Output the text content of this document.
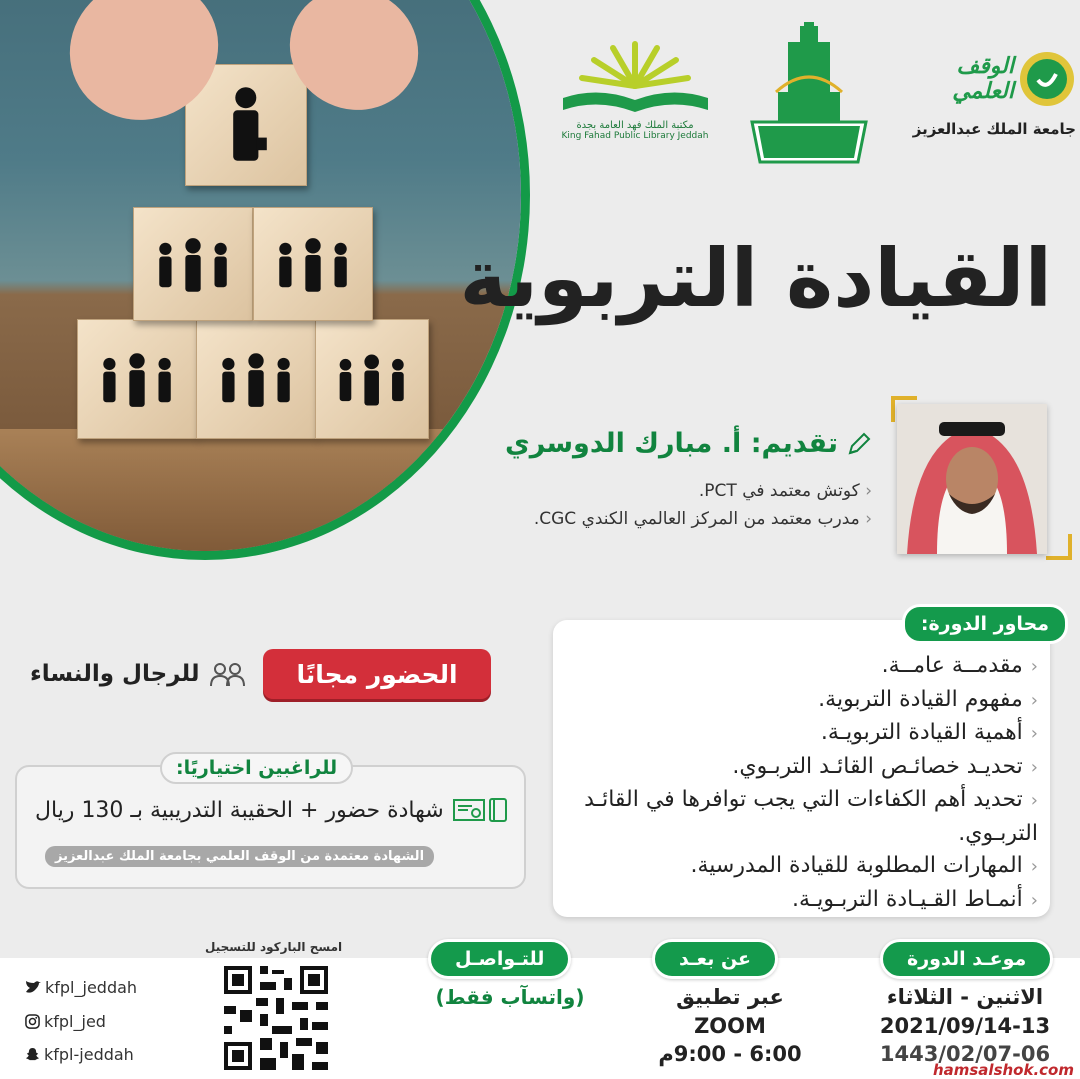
مكتبة الملك فهد العامة بجدة
King Fahad Public Library Jeddah
الوقف العلمي
جامعة الملك عبدالعزيز
القيادة التربوية
تقديم: أ. مبارك الدوسري
‹ كوتش معتمد في PCT.
‹ مدرب معتمد من المركز العالمي الكندي CGC.
محاور الدورة:
‹ مقدمــة عامــة.
‹ مفهوم القيادة التربوية.
‹ أهمية القيادة التربويـة.
‹ تحديـد خصائـص القائـد التربـوي.
‹ تحديد أهم الكفاءات التي يجب توافرها في القائـد التربـوي.
‹ المهارات المطلوبة للقيادة المدرسية.
‹ أنمـاط القـيـادة التربـويـة.
الحضور مجانًا
للرجال والنساء
للراغبين اختياريًا:
شهادة حضور + الحقيبة التدريبية بـ 130 ريال
الشهادة معتمدة من الوقف العلمي بجامعة الملك عبدالعزيز
موعـد الدورة
الاثنين - الثلاثاء
2021/09/14-13
1443/02/07-06
عن بعـد
عبر تطبيق
ZOOM
6:00 - 9:00م
للتـواصـل
(واتسآب فقط)
امسح الباركود للتسجيل
kfpl_jeddah
kfpl_jed
kfpl-jeddah
hamsalshok.com
